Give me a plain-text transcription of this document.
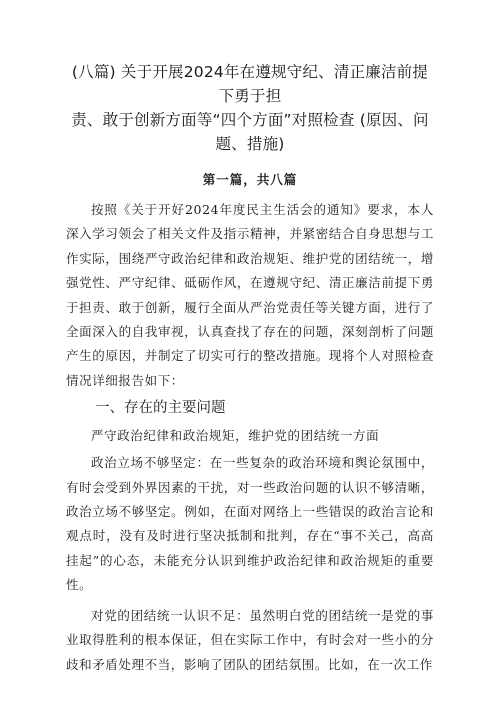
(八篇) 关于开展2024年在遵规守纪、清正廉洁前提下勇于担
责、敢于创新方面等“四个方面”对照检查 (原因、问题、措施)
第一篇，共八篇

按照《关于开好2024年度民主生活会的通知》要求，本人深入学习领会了相关文件及指示精神，并紧密结合自身思想与工作实际，围绕严守政治纪律和政治规矩、维护党的团结统一，增强党性、严守纪律、砥砺作风，在遵规守纪、清正廉洁前提下勇于担责、敢于创新，履行全面从严治党责任等关键方面，进行了全面深入的自我审视，认真查找了存在的问题，深刻剖析了问题产生的原因，并制定了切实可行的整改措施。现将个人对照检查情况详细报告如下：

一、存在的主要问题

严守政治纪律和政治规矩，维护党的团结统一方面

政治立场不够坚定：在一些复杂的政治环境和舆论氛围中，有时会受到外界因素的干扰，对一些政治问题的认识不够清晰，政治立场不够坚定。例如，在面对网络上一些错误的政治言论和观点时，没有及时进行坚决抵制和批判，存在“事不关己，高高挂起”的心态，未能充分认识到维护政治纪律和政治规矩的重要性。

对党的团结统一认识不足：虽然明白党的团结统一是党的事业取得胜利的根本保证，但在实际工作中，有时会对一些小的分歧和矛盾处理不当，影响了团队的团结氛围。比如，在一次工作
